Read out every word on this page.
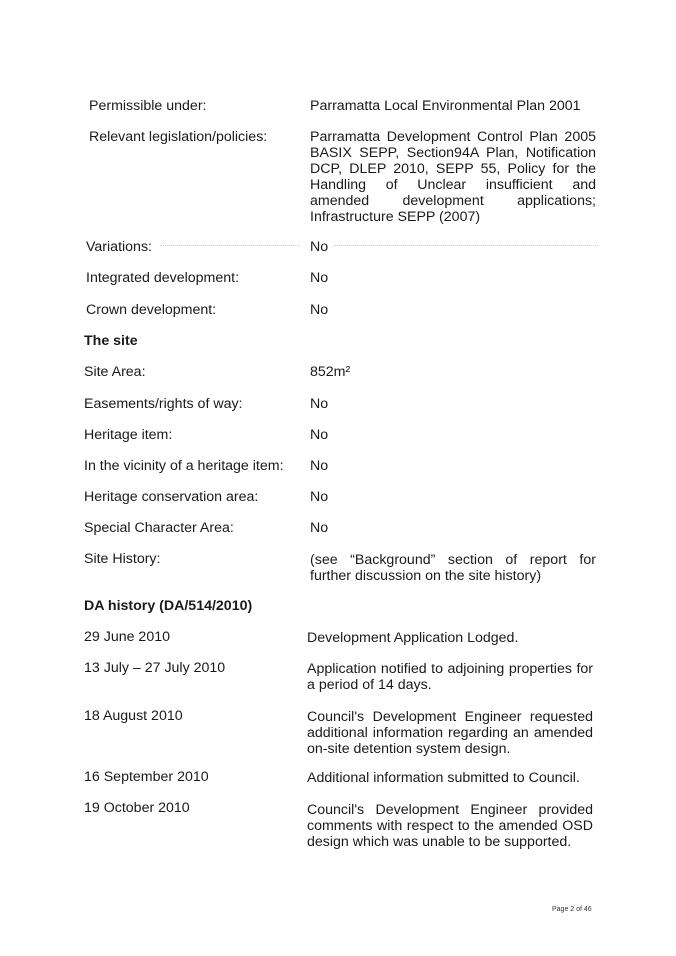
Permissible under:	Parramatta Local Environmental Plan 2001
Relevant legislation/policies:	Parramatta Development Control Plan 2005 BASIX SEPP, Section94A Plan, Notification DCP, DLEP 2010, SEPP 55, Policy for the Handling of Unclear insufficient and amended development applications; Infrastructure SEPP (2007)
Variations:	No
Integrated development:	No
Crown development:	No
The site
Site Area:	852m²
Easements/rights of way:	No
Heritage item:	No
In the vicinity of a heritage item: No
Heritage conservation area:	No
Special Character Area:	No
Site History:	(see “Background” section of report for further discussion on the site history)
DA history (DA/514/2010)
29 June 2010	Development Application Lodged.
13 July – 27 July 2010	Application notified to adjoining properties for a period of 14 days.
18 August 2010	Council's Development Engineer requested additional information regarding an amended on-site detention system design.
16 September 2010	Additional information submitted to Council.
19 October 2010	Council's Development Engineer provided comments with respect to the amended OSD design which was unable to be supported.
Page 2 of 46
